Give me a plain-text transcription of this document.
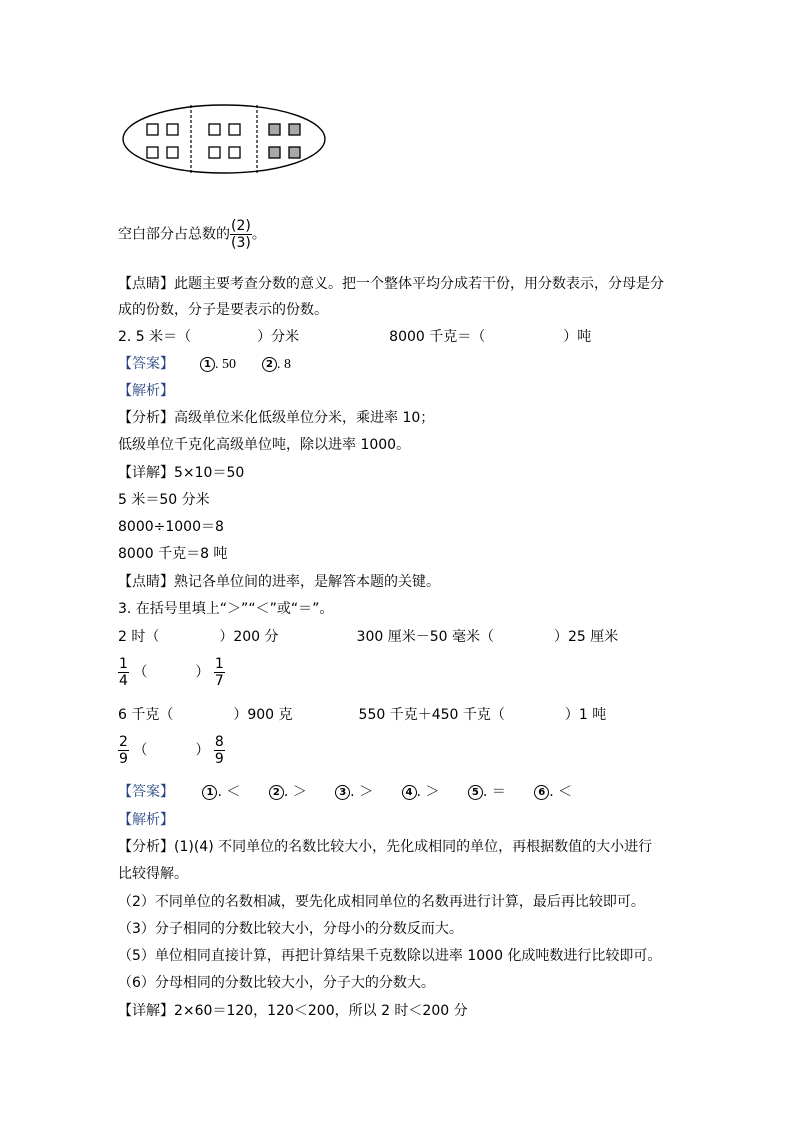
空白部分占总数的 $\frac{(2)}{(3)}$ 。
【点睛】此题主要考查分数的意义。把一个整体平均分成若干份，用分数表示，分母是分
成的份数，分子是要表示的份数。
2. 5 米＝（	）分米	8000 千克＝（	）吨
【答案】	1 . 50	2 . 8
【解析】
【分析】高级单位米化低级单位分米，乘进率 10；
低级单位千克化高级单位吨，除以进率 1000。
【详解】5×10＝50
5 米＝50 分米
8000÷1000＝8
8000 千克＝8 吨
【点睛】熟记各单位间的进率，是解答本题的关键。
3. 在括号里填上“＞”“＜”或“＝”。
2 时（	）200 分	300 厘米－50 毫米（	）25 厘米
$\frac{1}{4}$ （	） $\frac{1}{7}$
6 千克（	）900 克	550 千克＋450 千克（	）1 吨
$\frac{2}{9}$ （	） $\frac{8}{9}$
【答案】	1 . ＜	2 . ＞	3 . ＞	4 . ＞	5 . ＝	6 . ＜
【解析】
【分析】(1)(4) 不同单位的名数比较大小，先化成相同的单位，再根据数值的大小进行
比较得解。
（2）不同单位的名数相减，要先化成相同单位的名数再进行计算，最后再比较即可。
（3）分子相同的分数比较大小，分母小的分数反而大。
（5）单位相同直接计算，再把计算结果千克数除以进率 1000 化成吨数进行比较即可。
（6）分母相同的分数比较大小，分子大的分数大。
【详解】2×60＝120，120＜200，所以 2 时＜200 分
